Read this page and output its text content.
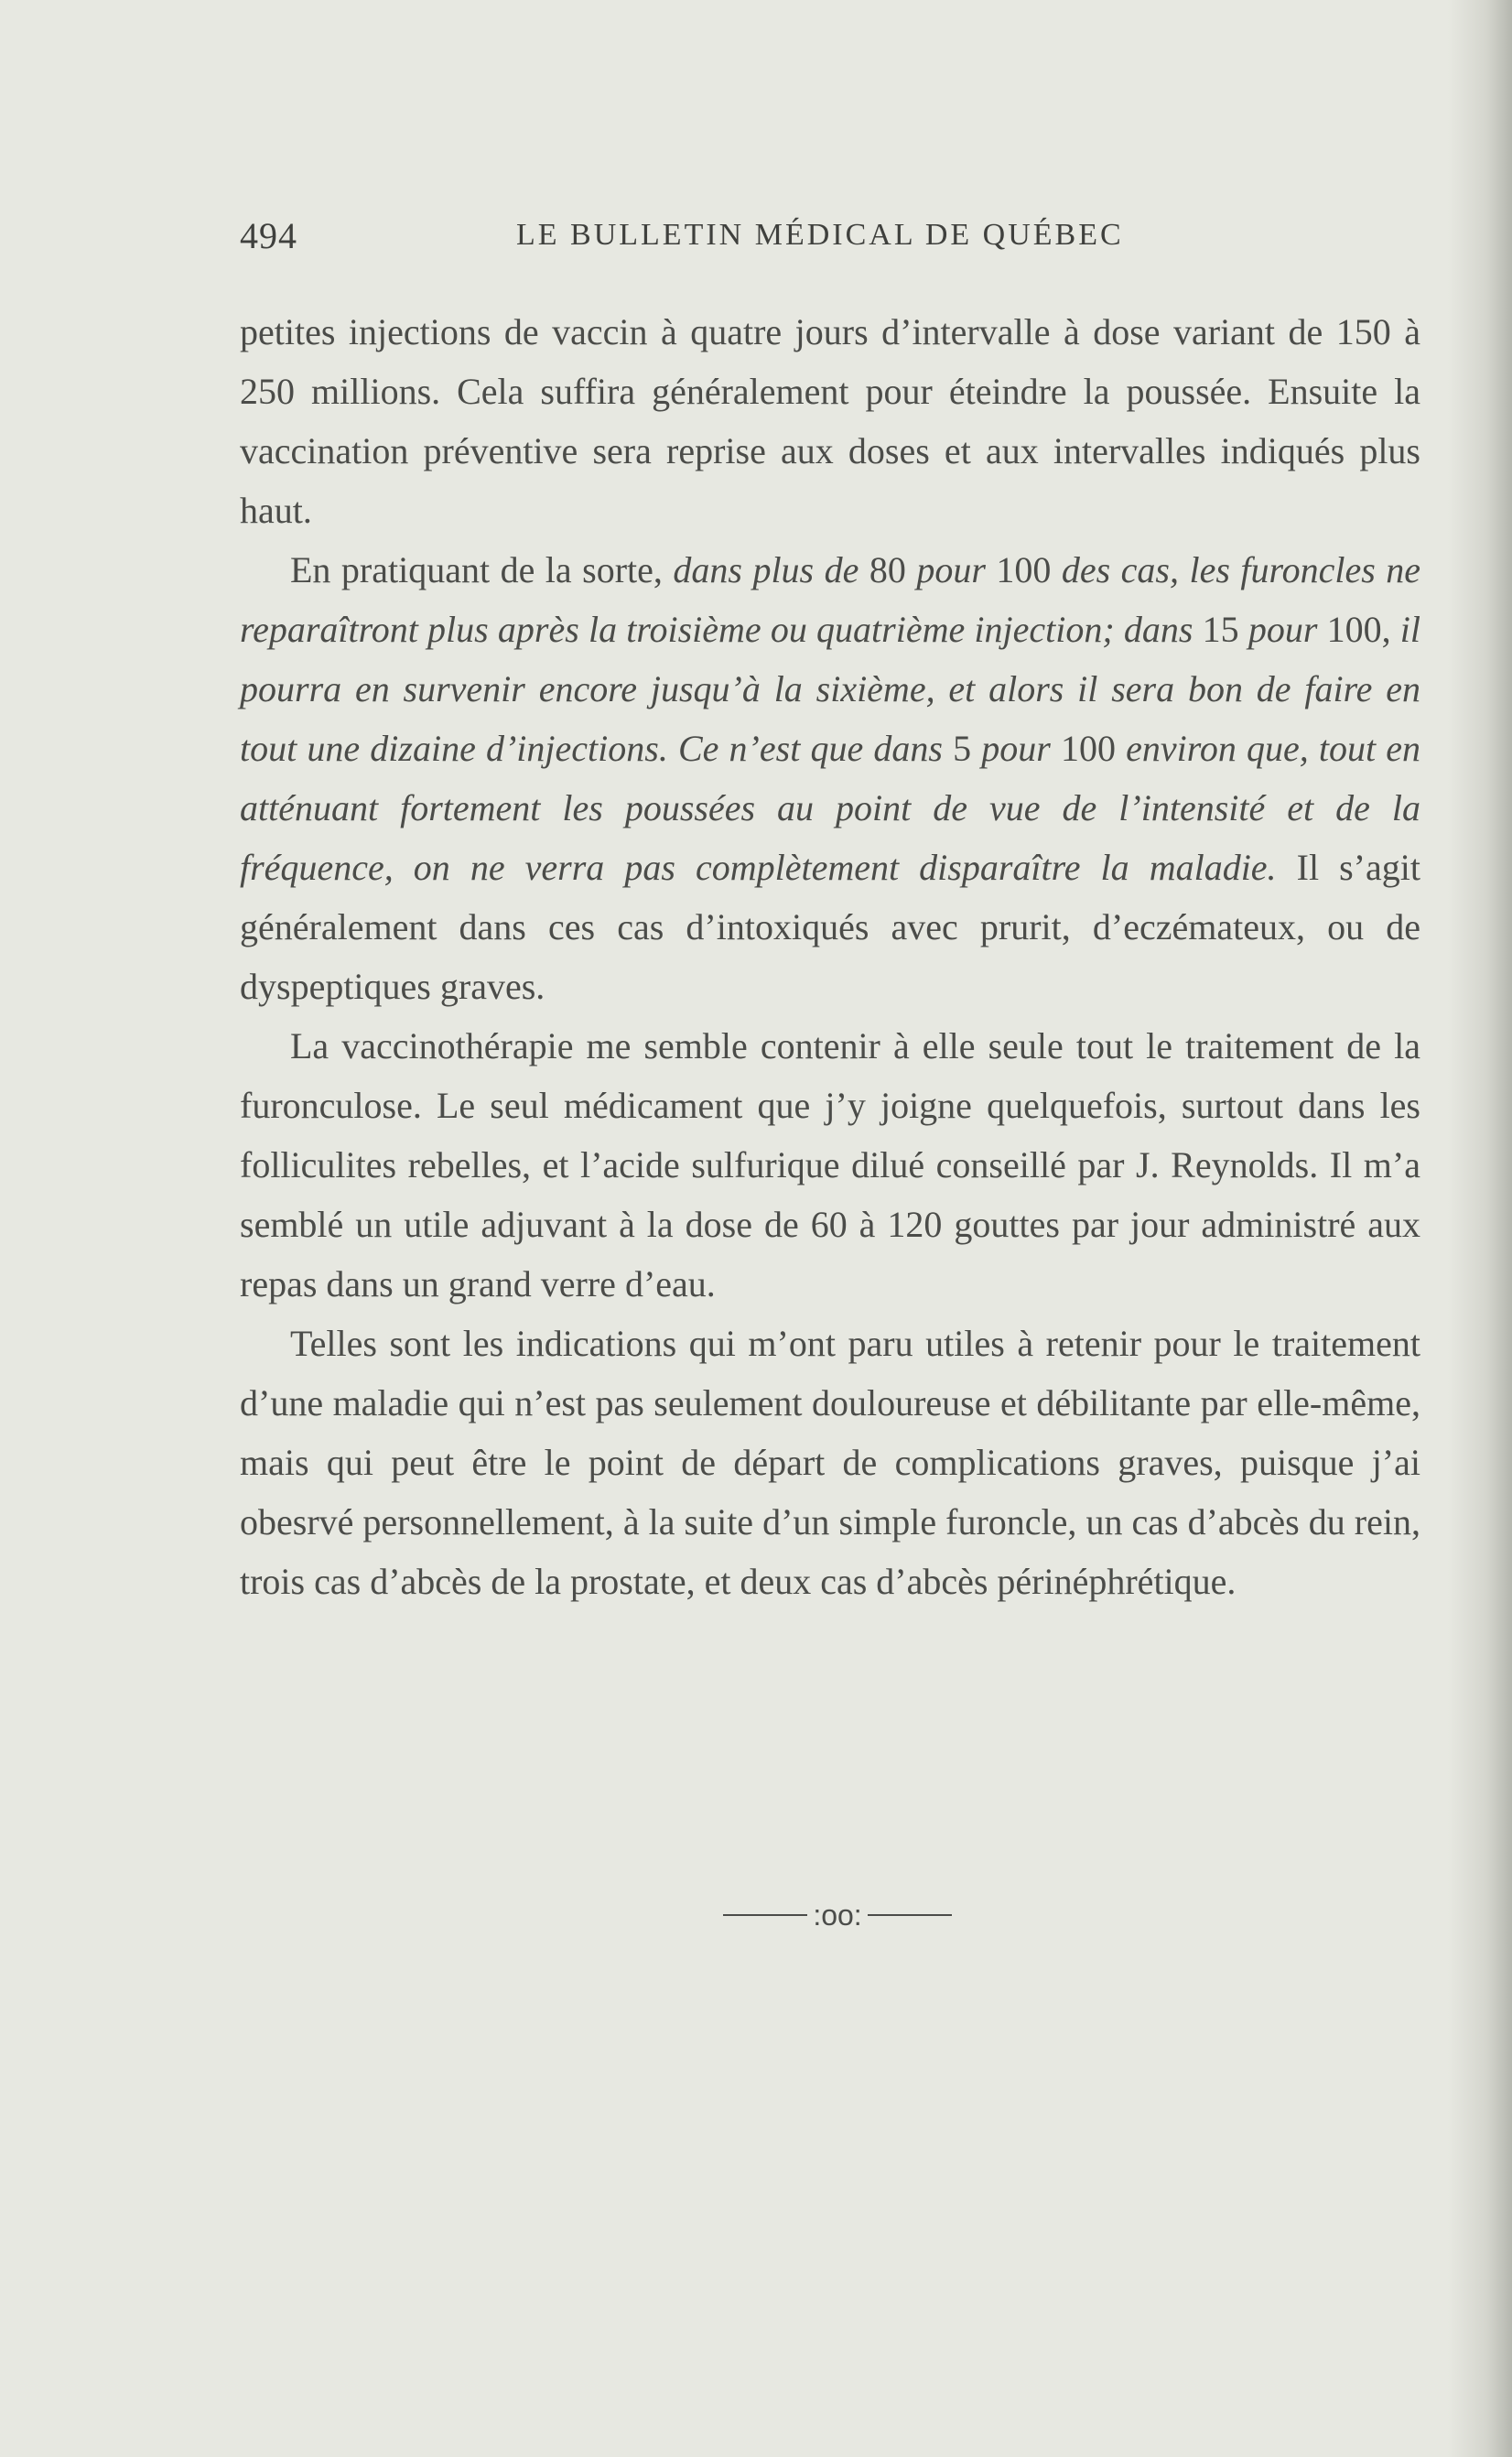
494	LE BULLETIN MÉDICAL DE QUÉBEC

petites injections de vaccin à quatre jours d’intervalle à dose variant de 150 à 250 millions. Cela suffira généralement pour éteindre la poussée. Ensuite la vaccination préventive sera reprise aux doses et aux intervalles indiqués plus haut.

En pratiquant de la sorte, dans plus de 80 pour 100 des cas, les furoncles ne reparaîtront plus après la troisième ou quatrième injection; dans 15 pour 100, il pourra en survenir encore jusqu’à la sixième, et alors il sera bon de faire en tout une dizaine d’injections. Ce n’est que dans 5 pour 100 environ que, tout en atténuant fortement les poussées au point de vue de l’intensité et de la fréquence, on ne verra pas complètement disparaître la maladie. Il s’agit généralement dans ces cas d’intoxiqués avec prurit, d’eczémateux, ou de dyspeptiques graves.

La vaccinothérapie me semble contenir à elle seule tout le traitement de la furonculose. Le seul médicament que j’y joigne quelquefois, surtout dans les folliculites rebelles, et l’acide sulfurique dilué conseillé par J. Reynolds. Il m’a semblé un utile adjuvant à la dose de 60 à 120 gouttes par jour administré aux repas dans un grand verre d’eau.

Telles sont les indications qui m’ont paru utiles à retenir pour le traitement d’une maladie qui n’est pas seulement douloureuse et débilitante par elle-même, mais qui peut être le point de départ de complications graves, puisque j’ai obesrvé personnellement, à la suite d’un simple furoncle, un cas d’abcès du rein, trois cas d’abcès de la prostate, et deux cas d’abcès périnéphrétique.

:oo:
